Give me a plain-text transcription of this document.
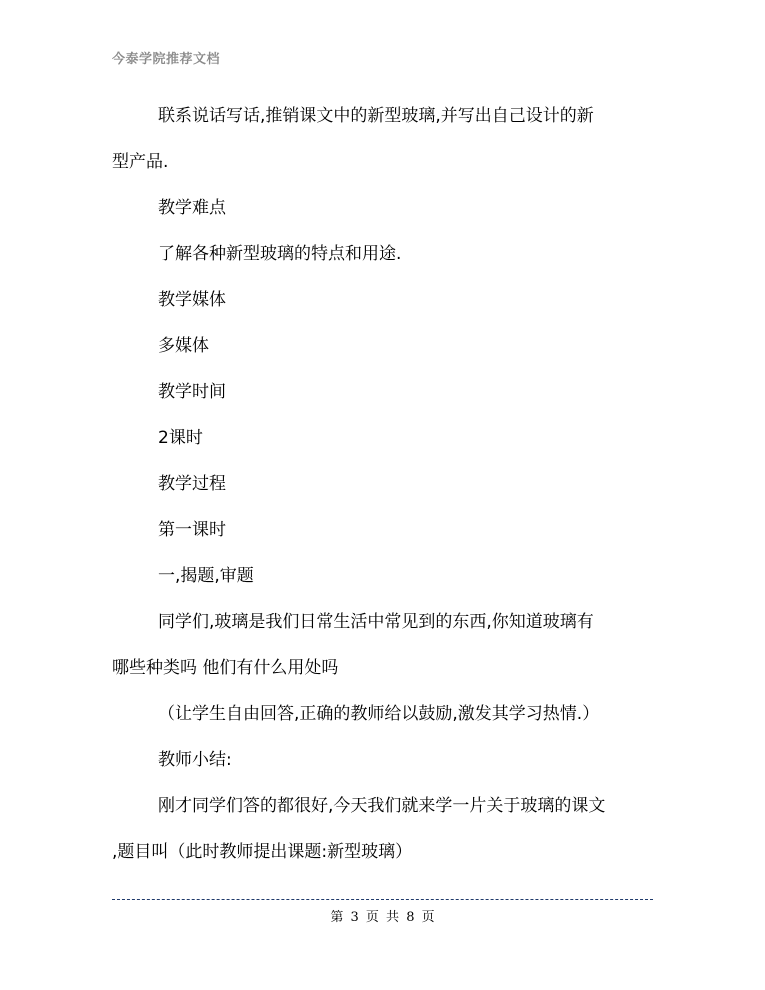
今泰学院推荐文档

联系说话写话,推销课文中的新型玻璃,并写出自己设计的新

型产品.

教学难点

了解各种新型玻璃的特点和用途.

教学媒体

多媒体

教学时间

2课时

教学过程

第一课时

一,揭题,审题

同学们,玻璃是我们日常生活中常见到的东西,你知道玻璃有

哪些种类吗 他们有什么用处吗

（让学生自由回答,正确的教师给以鼓励,激发其学习热情.）

教师小结:

刚才同学们答的都很好,今天我们就来学一片关于玻璃的课文

,题目叫（此时教师提出课题:新型玻璃）

第 3 页 共 8 页
